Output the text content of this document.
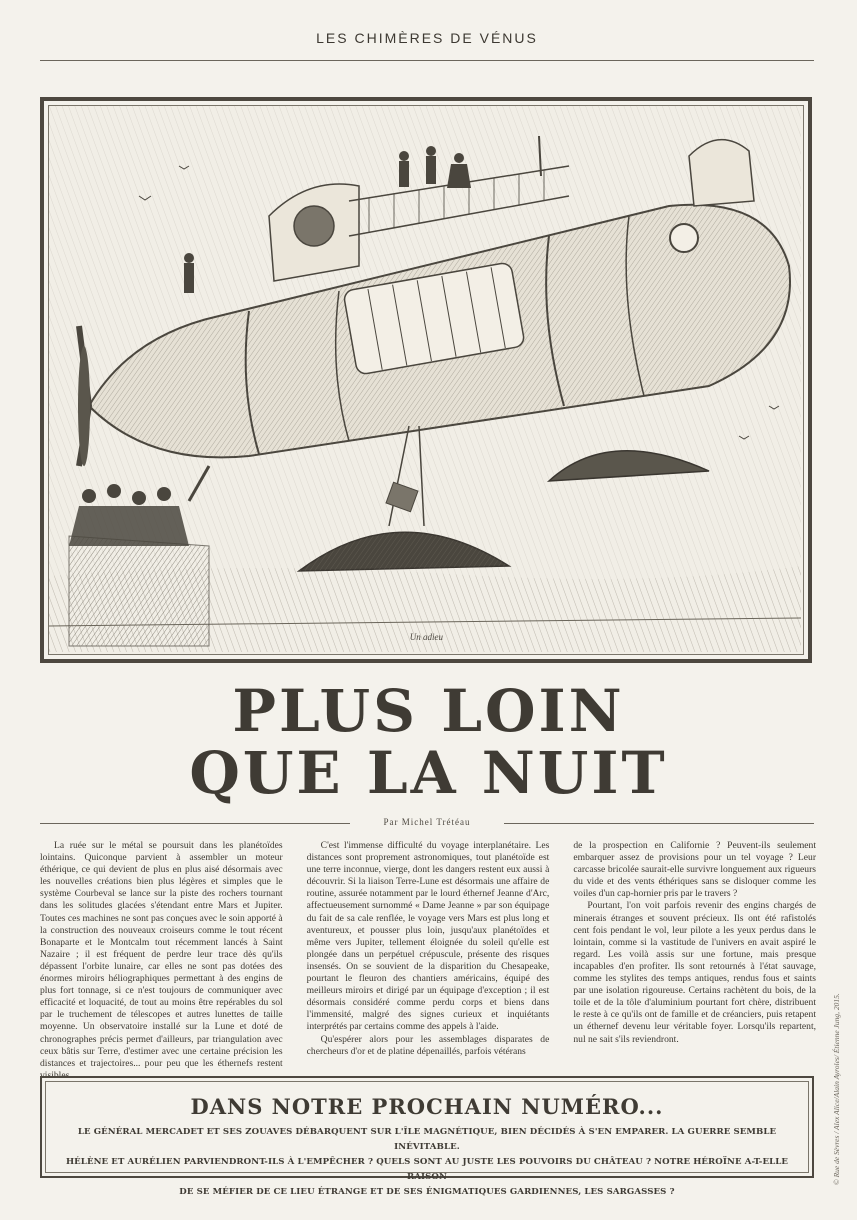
LES CHIMÈRES DE VÉNUS
Un adieu
PLUS LOIN
QUE LA NUIT
Par Michel Trétéau

La ruée sur le métal se poursuit dans les planétoïdes lointains. Quiconque parvient à assembler un moteur éthérique, ce qui devient de plus en plus aisé désormais avec les nouvelles créations bien plus légères et simples que le système Courbeval se lance sur la piste des rochers tournant dans les solitudes glacées s'étendant entre Mars et Jupiter. Toutes ces machines ne sont pas conçues avec le soin apporté à la construction des nouveaux croiseurs comme le tout récent Bonaparte et le Montcalm tout récemment lancés à Saint Nazaire ; il est fréquent de perdre leur trace dès qu'ils dépassent l'orbite lunaire, car elles ne sont pas dotées des énormes miroirs héliographiques permettant à des engins de plus fort tonnage, si ce n'est toujours de communiquer avec efficacité et loquacité, de tout au moins être repérables du sol par le truchement de télescopes et autres lunettes de taille moyenne. Un observatoire installé sur la Lune et doté de chronographes précis permet d'ailleurs, par triangulation avec ceux bâtis sur Terre, d'estimer avec une certaine précision les distances et trajectoires... pour peu que les éthernefs restent visibles.

C'est l'immense difficulté du voyage interplanétaire. Les distances sont proprement astronomiques, tout planétoïde est une terre inconnue, vierge, dont les dangers restent eux aussi à découvrir. Si la liaison Terre-Lune est désormais une affaire de routine, assurée notamment par le lourd éthernef Jeanne d'Arc, affectueusement surnommé « Dame Jeanne » par son équipage du fait de sa cale renflée, le voyage vers Mars est plus long et aventureux, et pousser plus loin, jusqu'aux planétoïdes et même vers Jupiter, tellement éloignée du soleil qu'elle est plongée dans un perpétuel crépuscule, présente des risques insensés. On se souvient de la disparition du Chesapeake, pourtant le fleuron des chantiers américains, équipé des meilleurs miroirs et dirigé par un équipage d'exception ; il est désormais considéré comme perdu corps et biens dans l'immensité, malgré des signes curieux et inquiétants interprétés par certains comme des appels à l'aide.

Qu'espérer alors pour les assemblages disparates de chercheurs d'or et de platine dépenaillés, parfois vétérans

de la prospection en Californie ? Peuvent-ils seulement embarquer assez de provisions pour un tel voyage ? Leur carcasse bricolée saurait-elle survivre longuement aux rigueurs du vide et des vents éthériques sans se disloquer comme les voiles d'un cap-hornier pris par le travers ?

Pourtant, l'on voit parfois revenir des engins chargés de minerais étranges et souvent précieux. Ils ont été rafistolés cent fois pendant le vol, leur pilote a les yeux perdus dans le lointain, comme si la vastitude de l'univers en avait aspiré le regard. Les voilà assis sur une fortune, mais presque incapables d'en profiter. Ils sont retournés à l'état sauvage, comme les stylites des temps antiques, rendus fous et saints par une isolation rigoureuse. Certains rachètent du bois, de la toile et de la tôle d'aluminium pourtant fort chère, distribuent le reste à ce qu'ils ont de famille et de créanciers, puis retapent un éthernef devenu leur véritable foyer. Lorsqu'ils repartent, nul ne sait s'ils reviendront.

DANS NOTRE PROCHAIN NUMÉRO...
LE GÉNÉRAL MERCADET ET SES ZOUAVES DÉBARQUENT SUR L'ÎLE MAGNÉTIQUE, BIEN DÉCIDÉS À S'EN EMPARER. LA GUERRE SEMBLE INÉVITABLE.
HÉLÈNE ET AURÉLIEN PARVIENDRONT-ILS À L'EMPÊCHER ? QUELS SONT AU JUSTE LES POUVOIRS DU CHÂTEAU ? NOTRE HÉROÏNE A-T-ELLE RAISON
DE SE MÉFIER DE CE LIEU ÉTRANGE ET DE SES ÉNIGMATIQUES GARDIENNES, LES SARGASSES ?
© Rue de Sèvres / Alex Alice/Alain Ayroles/ Étienne Jung, 2015.
